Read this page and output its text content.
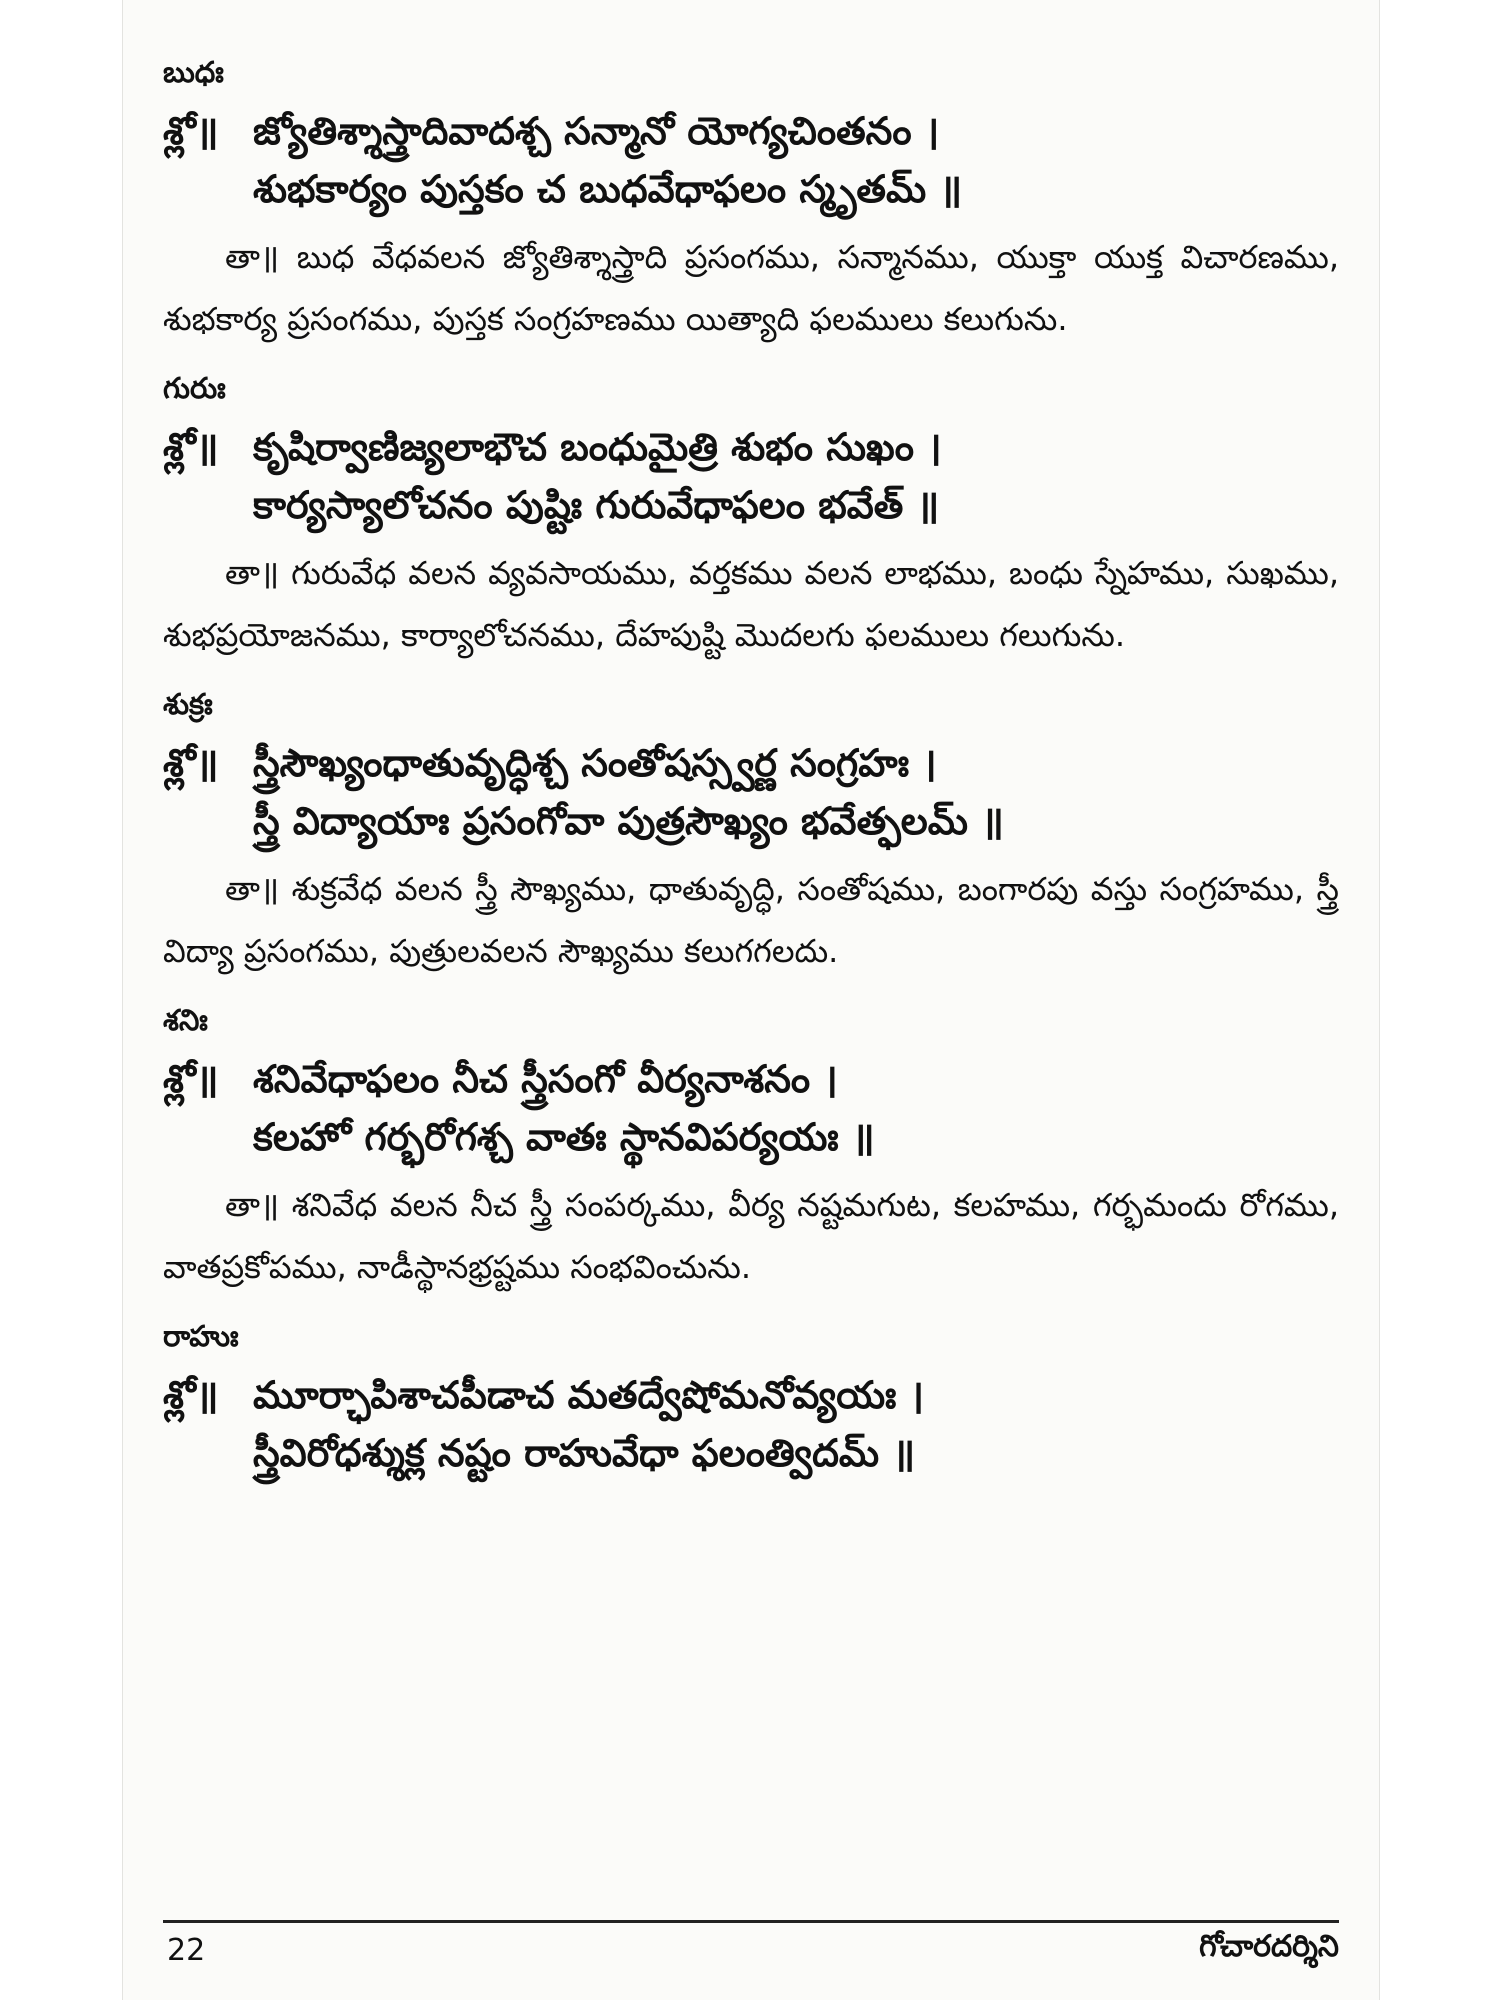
బుధః
శ్లో॥ జ్యోతిశ్శాస్త్రాదివాదశ్చ సన్మానో యోగ్యచింతనం ।
శుభకార్యం పుస్తకం చ బుధవేధాఫలం స్మృతమ్ ॥

తా॥ బుధ వేధవలన జ్యోతిశ్శాస్త్రాది ప్రసంగము, సన్మానము, యుక్తా యుక్త విచారణము, శుభకార్య ప్రసంగము, పుస్తక సంగ్రహణము యిత్యాది ఫలములు కలుగును.

గురుః
శ్లో॥ కృషిర్వాణిజ్యలాభౌచ బంధుమైత్రి శుభం సుఖం ।
కార్యస్యాలోచనం పుష్టిః గురువేధాఫలం భవేత్ ॥

తా॥ గురువేధ వలన వ్యవసాయము, వర్తకము వలన లాభము, బంధు స్నేహము, సుఖము, శుభప్రయోజనము, కార్యాలోచనము, దేహపుష్టి మొదలగు ఫలములు గలుగును.

శుక్రః
శ్లో॥ స్త్రీసౌఖ్యంధాతువృద్ధిశ్చ సంతోషస్స్వర్ణ సంగ్రహః ।
స్త్రీ విద్యాయాః ప్రసంగోవా పుత్రసౌఖ్యం భవేత్ఫలమ్ ॥

తా॥ శుక్రవేధ వలన స్త్రీ సౌఖ్యము, ధాతువృద్ధి, సంతోషము, బంగారపు వస్తు సంగ్రహము, స్త్రీ విద్యా ప్రసంగము, పుత్రులవలన సౌఖ్యము కలుగగలదు.

శనిః
శ్లో॥ శనివేధాఫలం నీచ స్త్రీసంగో వీర్యనాశనం ।
కలహో గర్భరోగశ్చ వాతః స్థానవిపర్యయః ॥

తా॥ శనివేధ వలన నీచ స్త్రీ సంపర్కము, వీర్య నష్టమగుట, కలహము, గర్భమందు రోగము, వాతప్రకోపము, నాడీస్థానభ్రష్టము సంభవించును.

రాహుః
శ్లో॥ మూర్ఛాపిశాచపీడాచ మతద్వేషోమనోవ్యయః ।
స్త్రీవిరోధశ్శుక్ల నష్టం రాహువేధా ఫలంత్విదమ్ ॥
22	గోచారదర్శిని
